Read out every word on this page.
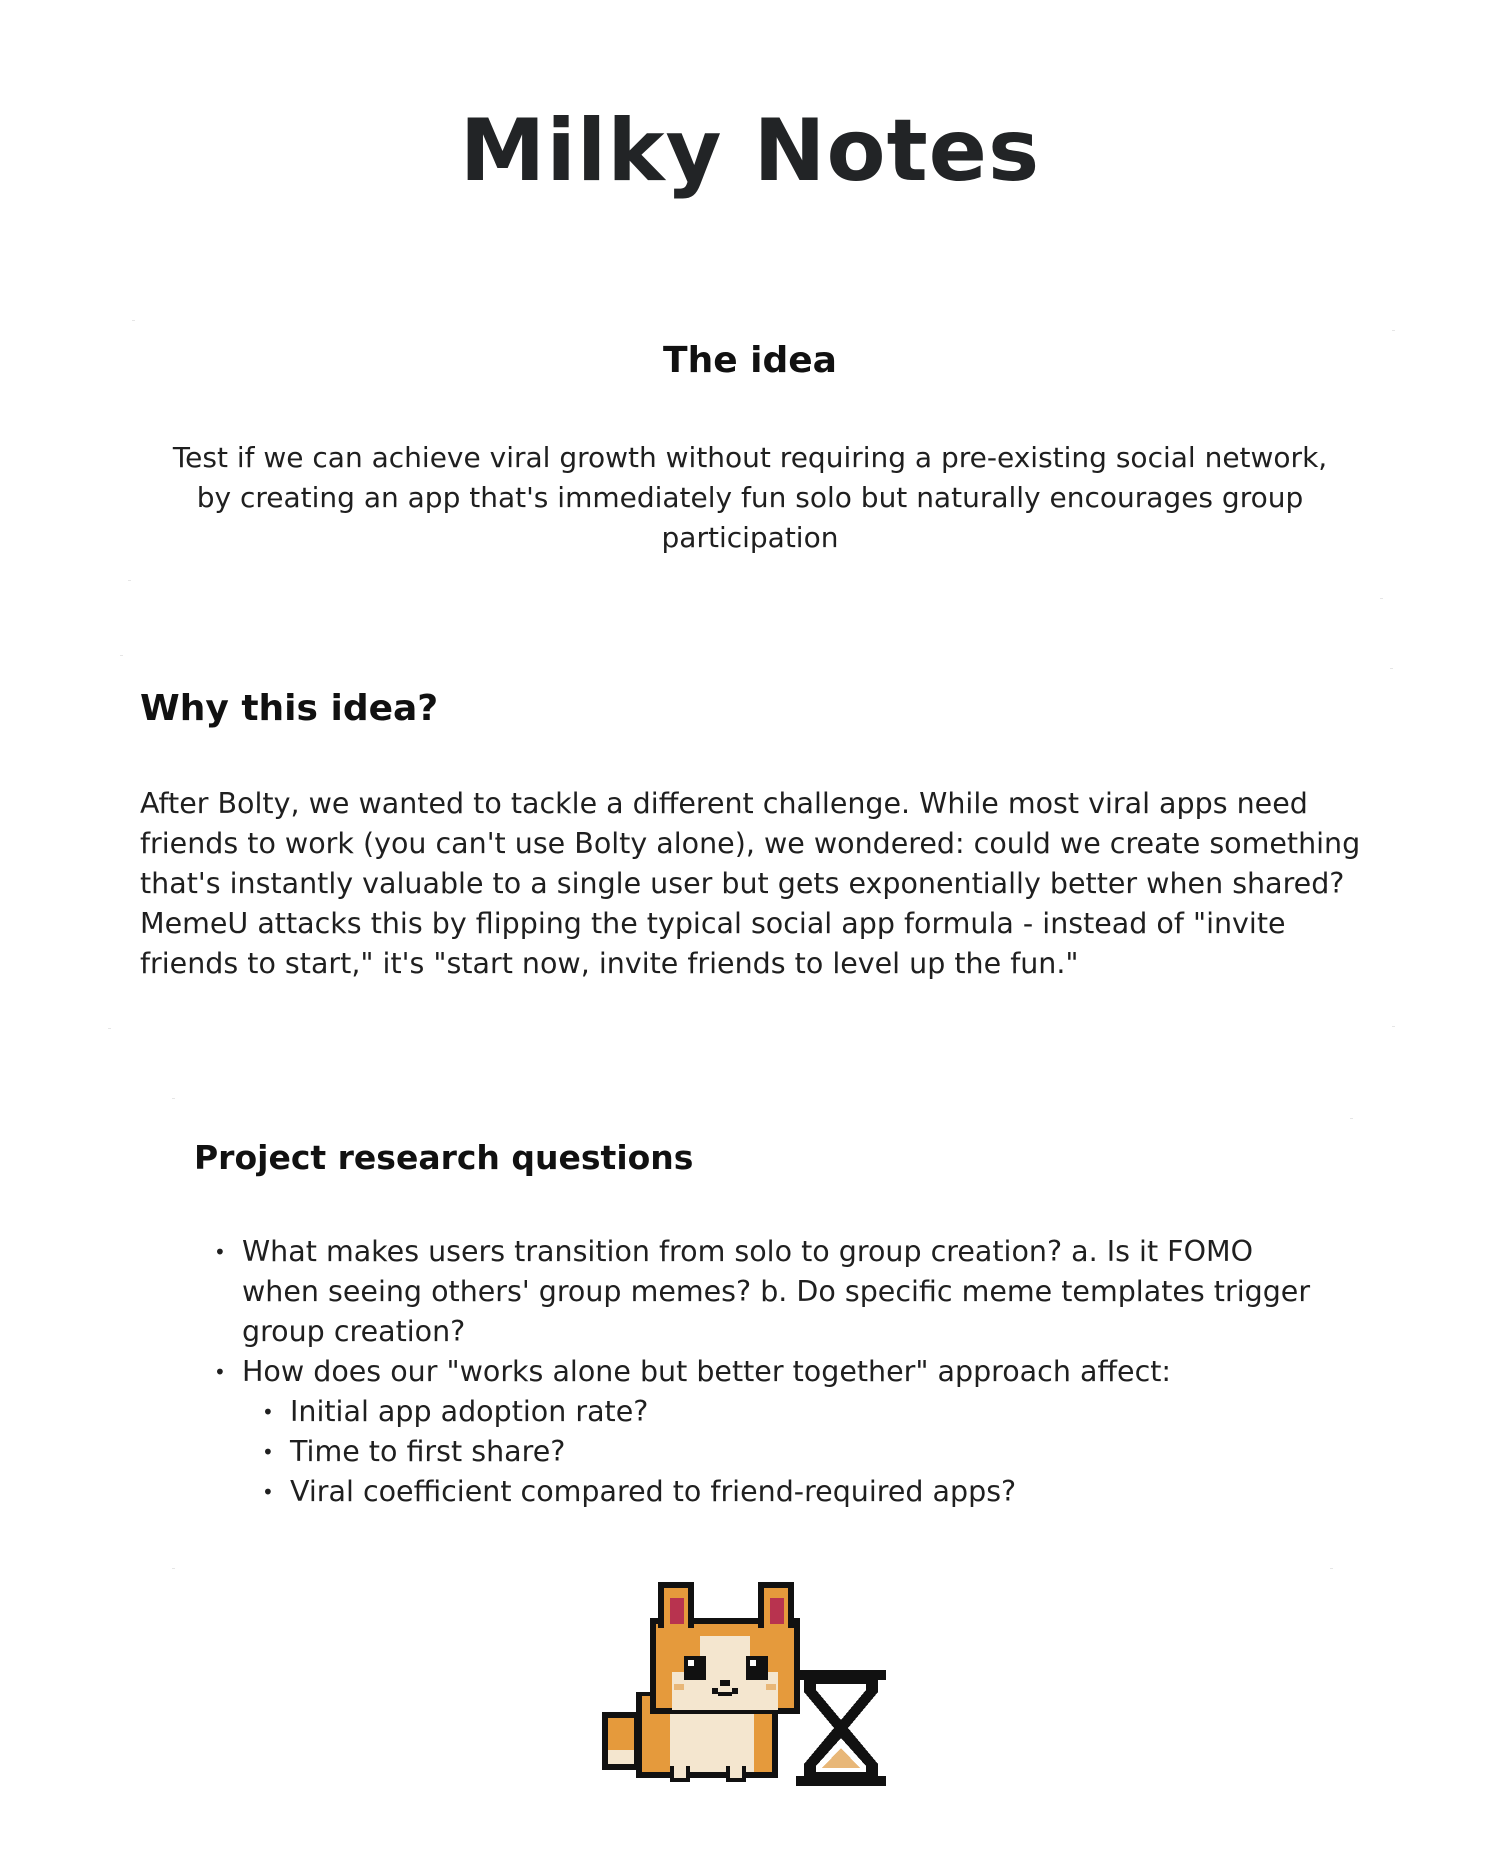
Milky Notes
The idea

Test if we can achieve viral growth without requiring a pre-existing social network, by creating an app that's immediately fun solo but naturally encourages group participation

Why this idea?

After Bolty, we wanted to tackle a different challenge. While most viral apps need friends to work (you can't use Bolty alone), we wondered: could we create something that's instantly valuable to a single user but gets exponentially better when shared? MemeU attacks this by flipping the typical social app formula - instead of "invite friends to start," it's "start now, invite friends to level up the fun."

Project research questions
• What makes users transition from solo to group creation? a. Is it FOMO when seeing others' group memes? b. Do specific meme templates trigger group creation?
• How does our "works alone but better together" approach affect:
• Initial app adoption rate?
• Time to first share?
• Viral coefficient compared to friend-required apps?
